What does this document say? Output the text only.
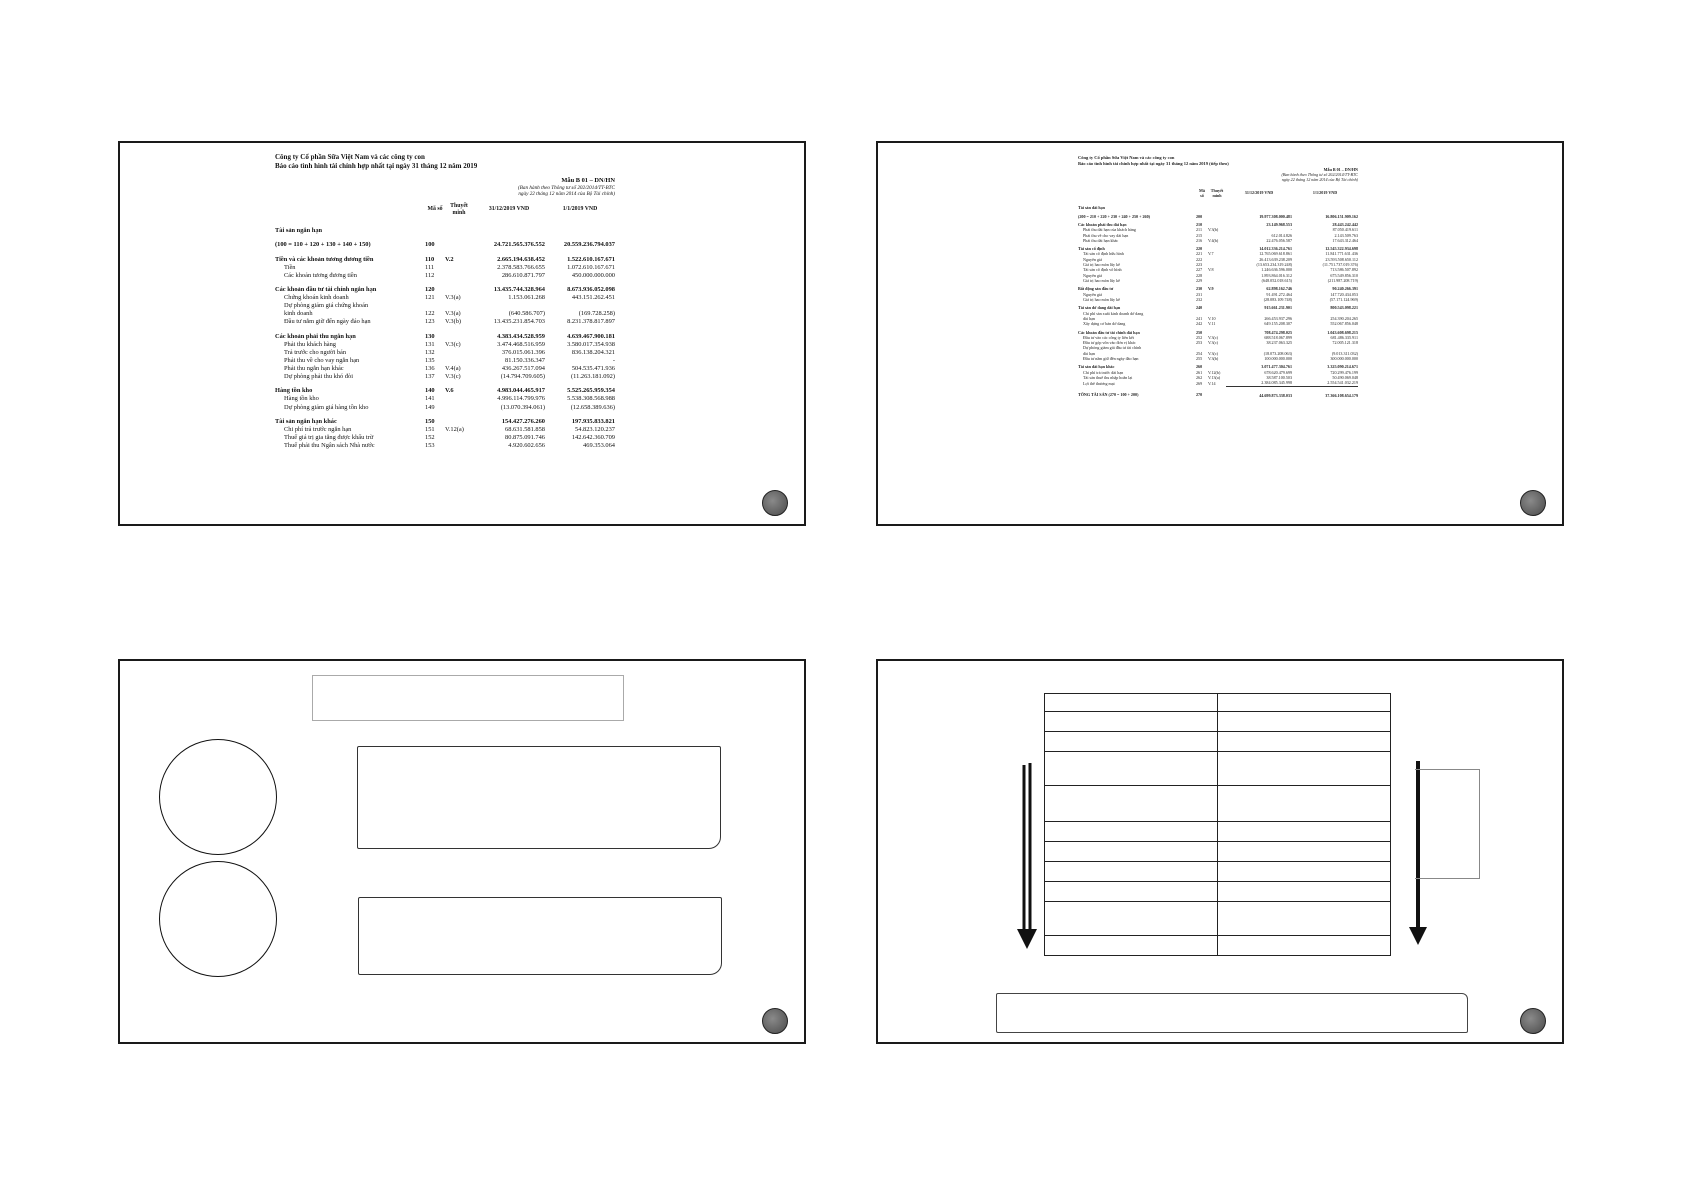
Công ty Cổ phần Sữa Việt Nam và các công ty con
Báo cáo tình hình tài chính hợp nhất tại ngày 31 tháng 12 năm 2019
Mẫu B 01 – DN/HN
(Ban hành theo Thông tư số 202/2014/TT-BTC
ngày 22 tháng 12 năm 2014 của Bộ Tài chính)
	Mã số	Thuyết minh	31/12/2019 VND	1/1/2019 VND
Tài sản ngắn hạn				
(100 = 110 + 120 + 130 + 140 + 150)	100		24.721.565.376.552	20.559.236.794.037
Tiền và các khoản tương đương tiền	110	V.2	2.665.194.638.452	1.522.610.167.671
Tiền	111		2.378.583.766.655	1.072.610.167.671
Các khoản tương đương tiền	112		286.610.871.797	450.000.000.000
Các khoản đầu tư tài chính ngắn hạn	120		13.435.744.328.964	8.673.936.052.098
Chứng khoán kinh doanh	121	V.3(a)	1.153.061.268	443.151.262.451
Dự phòng giảm giá chứng khoán				
kinh doanh	122	V.3(a)	(640.586.707)	(169.728.258)
Đầu tư nắm giữ đến ngày đáo hạn	123	V.3(b)	13.435.231.854.703	8.231.378.817.897
Các khoản phải thu ngắn hạn	130		4.383.434.528.959	4.639.467.900.181
Phải thu khách hàng	131	V.3(c)	3.474.468.516.959	3.580.017.354.938
Trả trước cho người bán	132		376.015.061.396	836.138.204.321
Phải thu về cho vay ngắn hạn	135		81.150.336.347	-
Phải thu ngắn hạn khác	136	V.4(a)	436.267.517.094	504.535.471.936
Dự phòng phải thu khó đòi	137	V.3(c)	(14.794.709.605)	(11.263.181.092)
Hàng tồn kho	140	V.6	4.983.044.465.917	5.525.265.959.354
Hàng tồn kho	141		4.996.114.799.976	5.538.308.568.988
Dự phòng giảm giá hàng tồn kho	149		(13.070.394.061)	(12.658.389.636)
Tài sản ngắn hạn khác	150		154.427.276.260	197.935.833.821
Chi phí trả trước ngắn hạn	151	V.12(a)	68.631.581.858	54.823.120.237
Thuế giá trị gia tăng được khấu trừ	152		80.875.091.746	142.642.360.709
Thuế phải thu Ngân sách Nhà nước	153		4.920.602.656	469.353.064
Công ty Cổ phần Sữa Việt Nam và các công ty con
Báo cáo tình hình tài chính hợp nhất tại ngày 31 tháng 12 năm 2019 (tiếp theo)
Mẫu B 01 – DN/HN
(Ban hành theo Thông tư số 202/2014/TT-BTC
ngày 22 tháng 12 năm 2014 của Bộ Tài chính)
	Mã số	Thuyết minh	31/12/2019 VND	1/1/2019 VND
Tài sản dài hạn				
(200 = 210 + 220 + 230 + 240 + 250 + 260)	200		19.977.308.000.481	16.806.151.909.162
Các khoản phải thu dài hạn	210		23.149.968.553	28.443.242.442
Phải thu dài hạn của khách hàng	211	V.3(b)	-	87.050.419.611
Phải thu về cho vay dài hạn	215		612.014.826	2.143.509.763
Phải thu dài hạn khác	216	V.4(b)	22.476.056.587	17.643.312.464
Tài sản cố định	220		14.012.336.214.761	12.545.322.934.698
Tài sản cố định hữu hình	221	V.7	12.765.069.618.861	11.841.771.631.436
Nguyên giá	222		26.413.639.238.209	23.593.508.650.112
Giá trị hao mòn lũy kế	223		(13.653.234.319.248)	(11.751.737.019.376)
Tài sản cố định vô hình	227	V.8	1.246.636.596.000	713.586.507.892
Nguyên giá	228		1.893.864.016.312	675.549.856.310
Giá trị hao mòn lũy kế	229		(648.052.018.615)	(211.987.208.719)
Bất động sản đầu tư	230	V.9	62.898.162.746	90.240.266.391
Nguyên giá	231		91.491.272.464	147.720.434.053
Giá trị hao mòn lũy kế	232		(28.083.109.748)	(57.171.124.969)
Tài sản dở dang dài hạn	240		915.661.231.901	800.543.098.221
Chi phí sản xuất kinh doanh dở dang				
dài hạn	241	V.10	266.453.937.296	254.390.204.265
Xây dựng cơ bản dở dang	242	V.11	649.155.208.307	552.067.856.048
Các khoản đầu tư tài chính dài hạn	250		708.474.298.025	1.043.608.698.215
Đầu tư vào các công ty liên kết	252	V.3(c)	688.518.067.899	681.486.335.911
Đầu tư góp vốn vào đơn vị khác	253	V.3(c)	38.237.063.325	72.005.121.318
Dự phòng giảm giá đầu tư tài chính				
dài hạn	254	V.3(c)	(18.073.208.063)	(9.013.311.032)
Đầu tư nắm giữ đến ngày đáo hạn	255	V.3(b)	100.000.000.000	300.000.000.000
Tài sản dài hạn khác	260		3.071.477.304.761	3.325.090.214.671
Chi phí trả trước dài hạn	261	V.12(b)	678.620.479.699	720.299.476.199
Tài sản thuế thu nhập hoãn lại	262	V.13(a)	38.587.100.503	50.490.069.048
Lợi thế thương mại	269	V.14	2.384.085.345.998	2.554.541.032.219
TỔNG TÀI SẢN (270 = 100 + 200)	270		44.699.873.338.033	37.366.108.654.179
